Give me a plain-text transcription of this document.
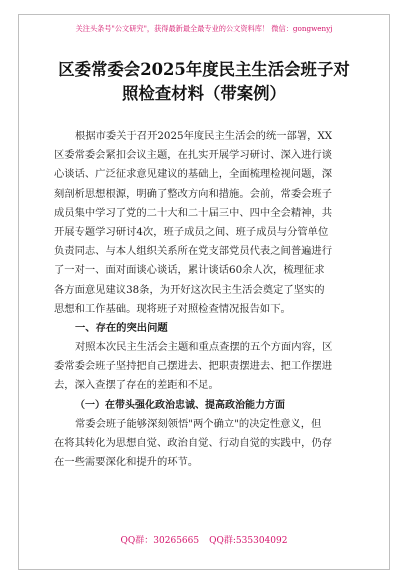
关注头条号"公文研究"，获得最新最全最专业的公文资料库！ 微信：gongwenyj
区委常委会2025年度民主生活会班子对
照检查材料（带案例）
根据市委关于召开2025年度民主生活会的统一部署，XX
区委常委会紧扣会议主题，在扎实开展学习研讨、深入进行谈
心谈话、广泛征求意见建议的基础上，全面梳理检视问题，深
刻剖析思想根源，明确了整改方向和措施。会前，常委会班子
成员集中学习了党的二十大和二十届三中、四中全会精神，共
开展专题学习研讨4次，班子成员之间、班子成员与分管单位
负责同志、与本人组织关系所在党支部党员代表之间普遍进行
了一对一、面对面谈心谈话，累计谈话60余人次，梳理征求
各方面意见建议38条，为开好这次民主生活会奠定了坚实的
思想和工作基础。现将班子对照检查情况报告如下。
一、存在的突出问题
对照本次民主生活会主题和重点查摆的五个方面内容，区
委常委会班子坚持把自己摆进去、把职责摆进去、把工作摆进
去，深入查摆了存在的差距和不足。
（一）在带头强化政治忠诚、提高政治能力方面
常委会班子能够深刻领悟"两个确立"的决定性意义，但
在将其转化为思想自觉、政治自觉、行动自觉的实践中，仍存
在一些需要深化和提升的环节。
QQ群：30265665 QQ群:535304092
